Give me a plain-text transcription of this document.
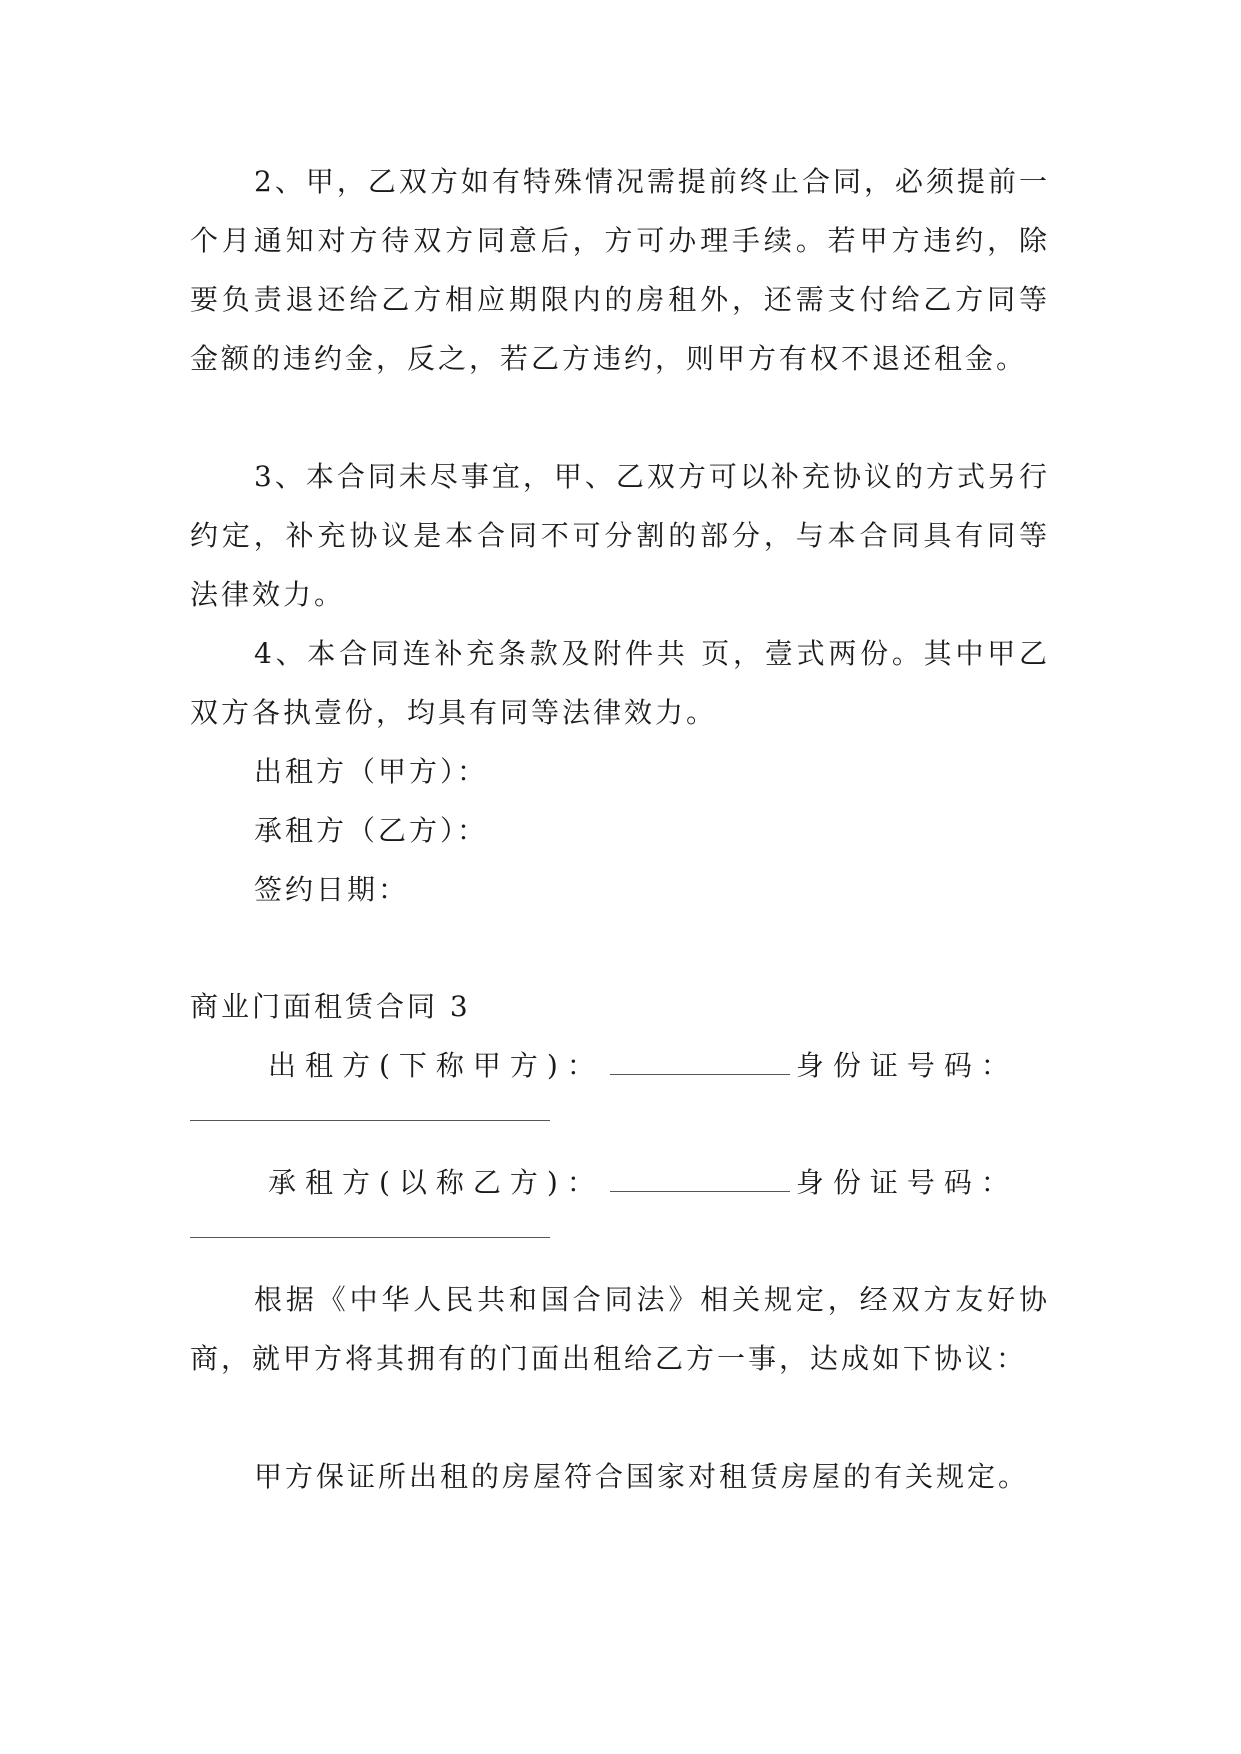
2、甲，乙双方如有特殊情况需提前终止合同，必须提前一个月通知对方待双方同意后，方可办理手续。若甲方违约，除要负责退还给乙方相应期限内的房租外，还需支付给乙方同等金额的违约金，反之，若乙方违约，则甲方有权不退还租金。

3、本合同未尽事宜，甲、乙双方可以补充协议的方式另行约定，补充协议是本合同不可分割的部分，与本合同具有同等法律效力。

4、本合同连补充条款及附件共 页，壹式两份。其中甲乙双方各执壹份，均具有同等法律效力。

出租方（甲方）：

承租方（乙方）：

签约日期：

商业门面租赁合同 3

出租方(下称甲方)：	身份证号码：

承租方(以称乙方)：	身份证号码：

根据《中华人民共和国合同法》相关规定，经双方友好协商，就甲方将其拥有的门面出租给乙方一事，达成如下协议：

甲方保证所出租的房屋符合国家对租赁房屋的有关规定。
